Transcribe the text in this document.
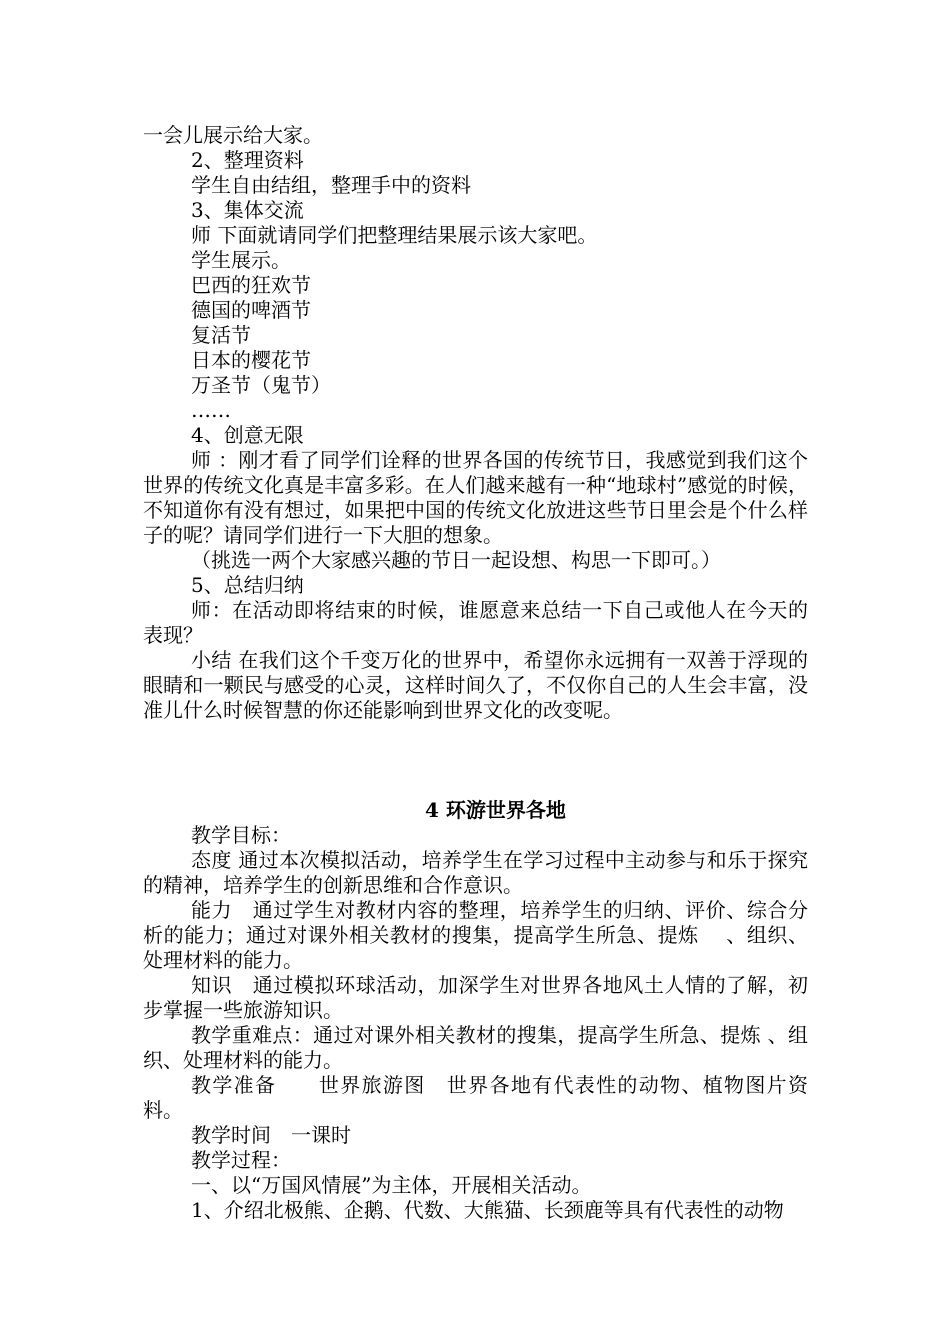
一会儿展示给大家。

2、整理资料

学生自由结组，整理手中的资料

3、集体交流

师 下面就请同学们把整理结果展示该大家吧。

学生展示。

巴西的狂欢节

德国的啤酒节

复活节

日本的樱花节

万圣节（鬼节）

……

4、创意无限

师 ：刚才看了同学们诠释的世界各国的传统节日，我感觉到我们这个世界的传统文化真是丰富多彩。在人们越来越有一种“地球村”感觉的时候，不知道你有没有想过，如果把中国的传统文化放进这些节日里会是个什么样子的呢？请同学们进行一下大胆的想象。

（挑选一两个大家感兴趣的节日一起设想、构思一下即可。）

5、总结归纳

师：在活动即将结束的时候，谁愿意来总结一下自己或他人在今天的表现？

小结 在我们这个千变万化的世界中，希望你永远拥有一双善于浮现的眼睛和一颗民与感受的心灵，这样时间久了，不仅你自己的人生会丰富，没准儿什么时候智慧的你还能影响到世界文化的改变呢。

4 环游世界各地

教学目标：

态度 通过本次模拟活动，培养学生在学习过程中主动参与和乐于探究的精神，培养学生的创新思维和合作意识。

能力　通过学生对教材内容的整理，培养学生的归纳、评价、综合分析的能力；通过对课外相关教材的搜集，提高学生所急、提炼　 、组织、处理材料的能力。

知识　通过模拟环球活动，加深学生对世界各地风土人情的了解，初步掌握一些旅游知识。

教学重难点：通过对课外相关教材的搜集，提高学生所急、提炼 、组织、处理材料的能力。

教学准备　　世界旅游图　世界各地有代表性的动物、植物图片资料。

教学时间　一课时

教学过程：

一、以“万国风情展”为主体，开展相关活动。

1、介绍北极熊、企鹅、代数、大熊猫、长颈鹿等具有代表性的动物
